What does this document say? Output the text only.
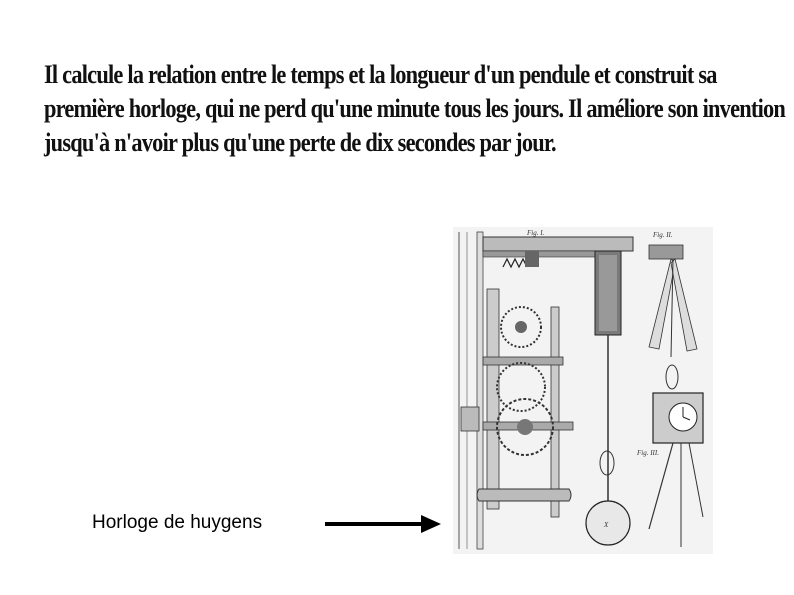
Il calcule la relation entre le temps et la longueur d'un pendule et construit sa
première horloge, qui ne perd qu'une minute tous les jours. Il améliore son invention
jusqu'à n'avoir plus qu'une perte de dix secondes par jour.
Horloge de huygens	X
Fig. I.	Fig. II.
Fig. III.
